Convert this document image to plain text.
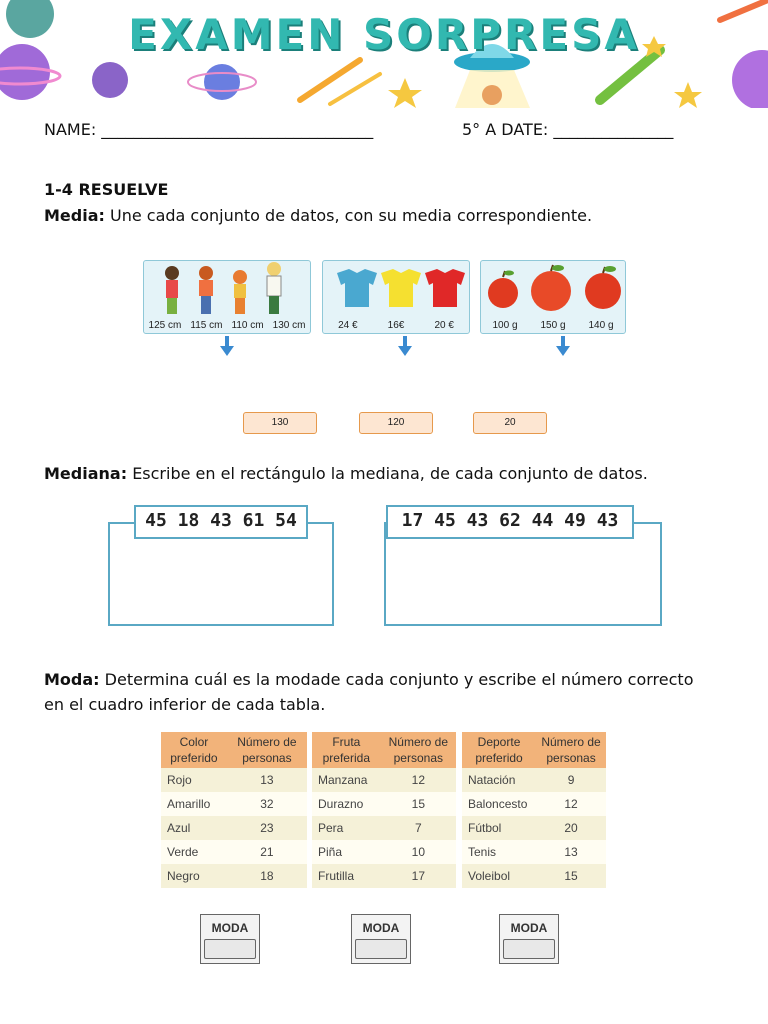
EXAMEN SORPRESA
NAME: __________________________________	5° A DATE: _______________
1-4 RESUELVE
Media: Une cada conjunto de datos, con su media correspondiente.
125 cm 115 cm 110 cm 130 cm	24 €	16€	20 €	100 g 150 g 140 g
130	120	20
Mediana: Escribe en el rectángulo la mediana, de cada conjunto de datos.
45 18 43 61 54	17 45 43 62 44 49 43
Moda: Determina cuál es la modade cada conjunto y escribe el número correcto
en el cuadro inferior de cada tabla.
Color
preferido	Número de
personas
Rojo	13
Amarillo	32
Azul	23
Verde	21
Negro	18
Fruta
preferida	Número de
personas
Manzana	12
Durazno	15
Pera	7
Piña	10
Frutilla	17
Deporte
preferido	Número de
personas
Natación	9
Baloncesto	12
Fútbol	20
Tenis	13
Voleibol	15
MODA	MODA	MODA
